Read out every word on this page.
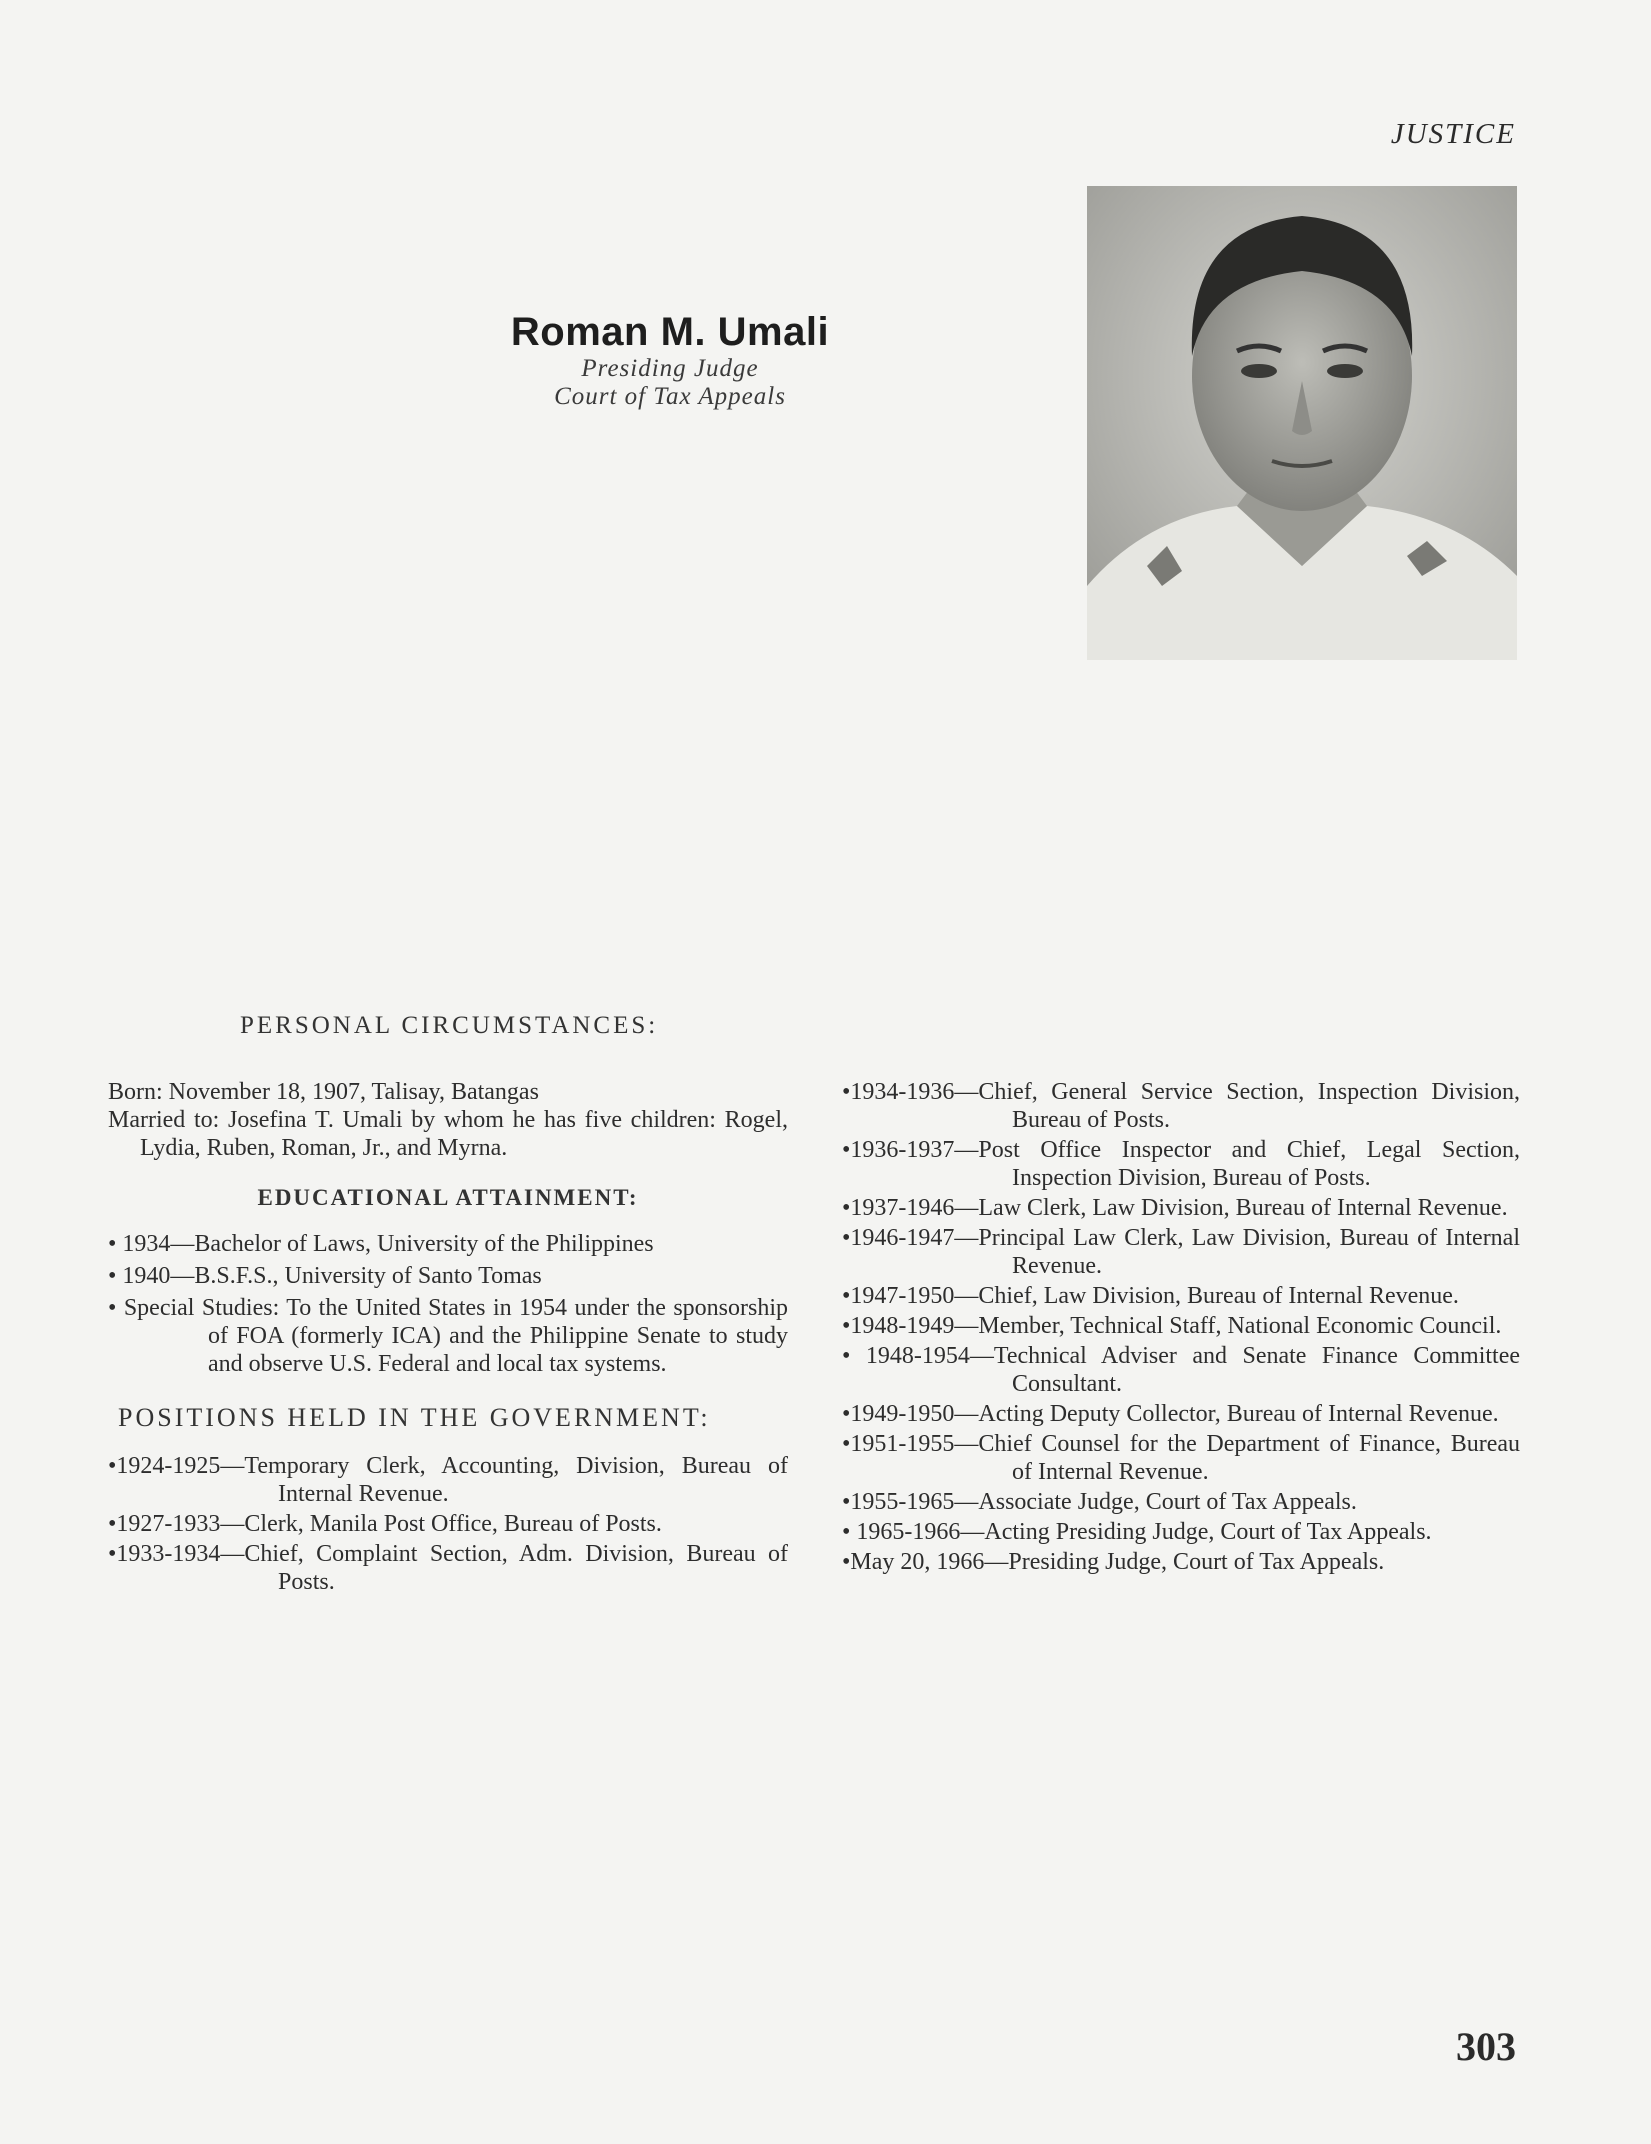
JUSTICE
Roman M. Umali
Presiding Judge
Court of Tax Appeals
PERSONAL CIRCUMSTANCES:

Born: November 18, 1907, Talisay, Batangas

Married to: Josefina T. Umali by whom he has five children: Rogel, Lydia, Ruben, Roman, Jr., and Myrna.

EDUCATIONAL ATTAINMENT:

• 1934—Bachelor of Laws, University of the Philippines

• 1940—B.S.F.S., University of Santo Tomas

• Special Studies: To the United States in 1954 under the sponsorship of FOA (formerly ICA) and the Philippine Senate to study and observe U.S. Federal and local tax systems.

POSITIONS HELD IN THE GOVERNMENT:

•1924-1925—Temporary Clerk, Accounting, Division, Bureau of Internal Revenue.

•1927-1933—Clerk, Manila Post Office, Bureau of Posts.

•1933-1934—Chief, Complaint Section, Adm. Division, Bureau of Posts.

•1934-1936—Chief, General Service Section, Inspection Division, Bureau of Posts.

•1936-1937—Post Office Inspector and Chief, Legal Section, Inspection Division, Bureau of Posts.

•1937-1946—Law Clerk, Law Division, Bureau of Internal Revenue.

•1946-1947—Principal Law Clerk, Law Division, Bureau of Internal Revenue.

•1947-1950—Chief, Law Division, Bureau of Internal Revenue.

•1948-1949—Member, Technical Staff, National Economic Council.

• 1948-1954—Technical Adviser and Senate Finance Committee Consultant.

•1949-1950—Acting Deputy Collector, Bureau of Internal Revenue.

•1951-1955—Chief Counsel for the Department of Finance, Bureau of Internal Revenue.

•1955-1965—Associate Judge, Court of Tax Appeals.

• 1965-1966—Acting Presiding Judge, Court of Tax Appeals.

•May 20, 1966—Presiding Judge, Court of Tax Appeals.

303
